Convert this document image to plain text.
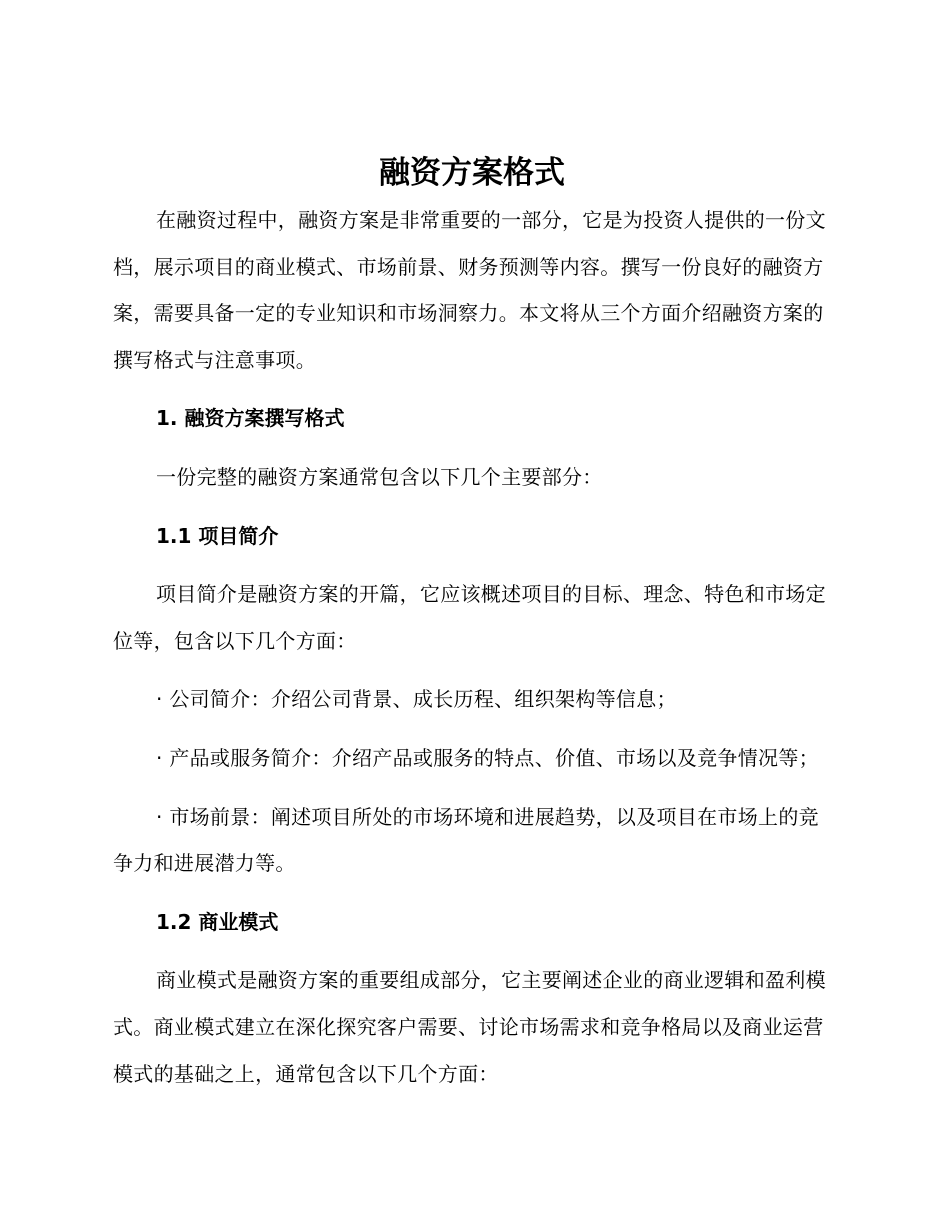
融资方案格式

在融资过程中，融资方案是非常重要的一部分，它是为投资人提供的一份文档，展示项目的商业模式、市场前景、财务预测等内容。撰写一份良好的融资方案，需要具备一定的专业知识和市场洞察力。本文将从三个方面介绍融资方案的撰写格式与注意事项。

1. 融资方案撰写格式

一份完整的融资方案通常包含以下几个主要部分：

1.1 项目简介

项目简介是融资方案的开篇，它应该概述项目的目标、理念、特色和市场定位等，包含以下几个方面：

· 公司简介：介绍公司背景、成长历程、组织架构等信息；

· 产品或服务简介：介绍产品或服务的特点、价值、市场以及竞争情况等；

· 市场前景：阐述项目所处的市场环境和进展趋势，以及项目在市场上的竞争力和进展潜力等。

1.2 商业模式

商业模式是融资方案的重要组成部分，它主要阐述企业的商业逻辑和盈利模式。商业模式建立在深化探究客户需要、讨论市场需求和竞争格局以及商业运营模式的基础之上，通常包含以下几个方面：
